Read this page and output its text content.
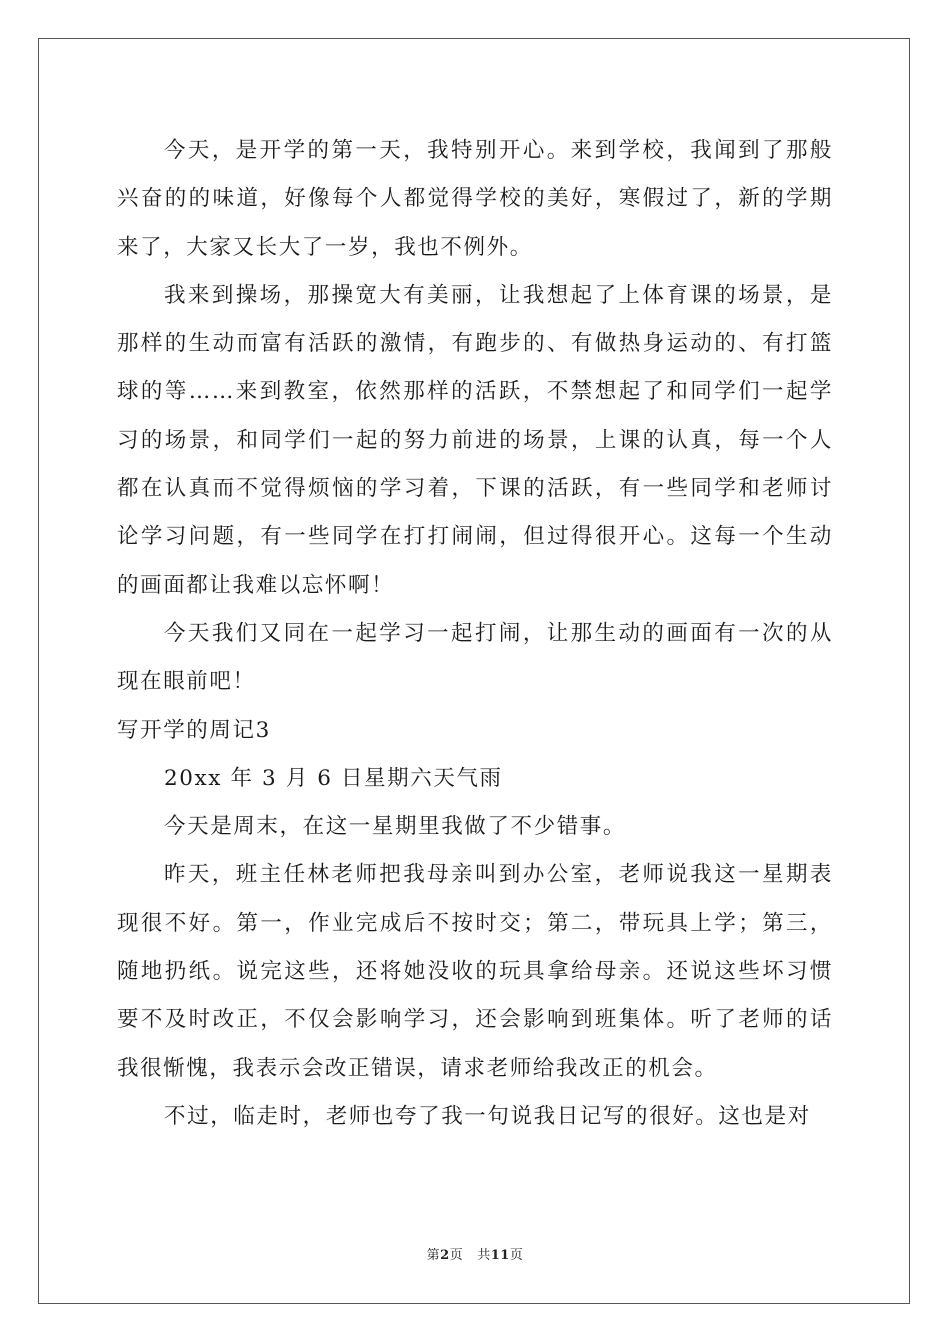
今天，是开学的第一天，我特别开心。来到学校，我闻到了那般兴奋的的味道，好像每个人都觉得学校的美好，寒假过了，新的学期来了，大家又长大了一岁，我也不例外。

我来到操场，那操宽大有美丽，让我想起了上体育课的场景，是那样的生动而富有活跃的激情，有跑步的、有做热身运动的、有打篮球的等……来到教室，依然那样的活跃，不禁想起了和同学们一起学习的场景，和同学们一起的努力前进的场景，上课的认真，每一个人都在认真而不觉得烦恼的学习着，下课的活跃，有一些同学和老师讨论学习问题，有一些同学在打打闹闹，但过得很开心。这每一个生动的画面都让我难以忘怀啊！

今天我们又同在一起学习一起打闹，让那生动的画面有一次的从现在眼前吧！

写开学的周记3

20xx 年 3 月 6 日星期六天气雨

今天是周末，在这一星期里我做了不少错事。

昨天，班主任林老师把我母亲叫到办公室，老师说我这一星期表现很不好。第一，作业完成后不按时交；第二，带玩具上学；第三，随地扔纸。说完这些，还将她没收的玩具拿给母亲。还说这些坏习惯要不及时改正，不仅会影响学习，还会影响到班集体。听了老师的话我很惭愧，我表示会改正错误，请求老师给我改正的机会。

不过，临走时，老师也夸了我一句说我日记写的很好。这也是对

第2页 共11页
